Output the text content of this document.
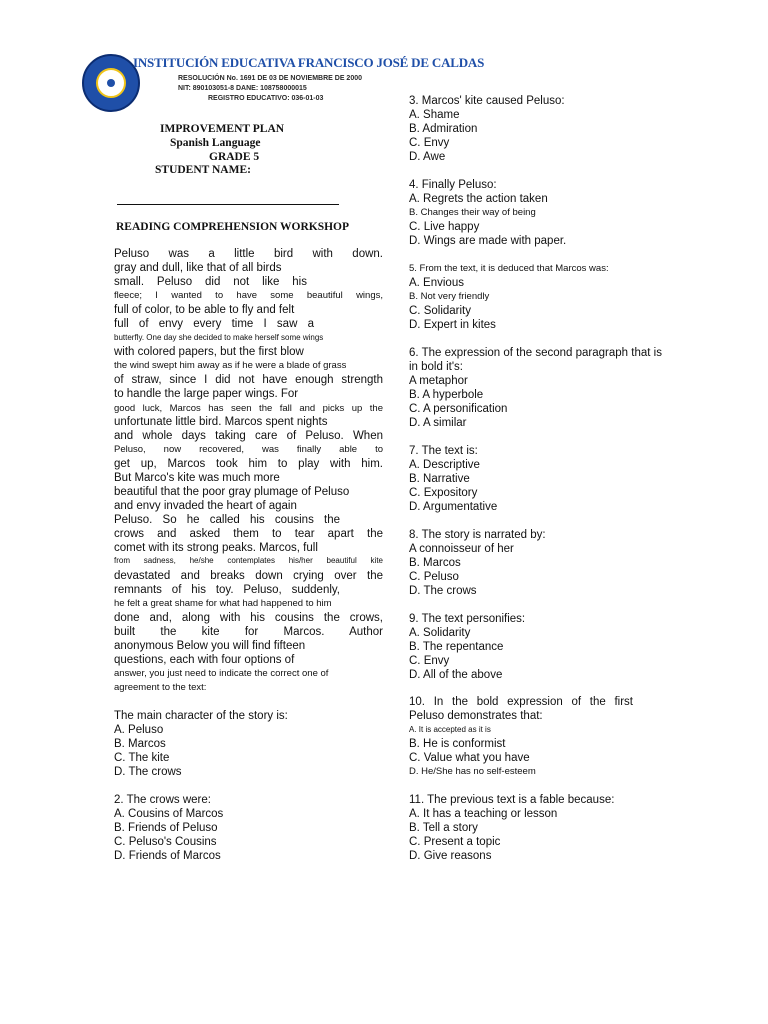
INSTITUCIÓN EDUCATIVA FRANCISCO JOSÉ DE CALDAS
RESOLUCIÓN No. 1691 DE 03 DE NOVIEMBRE DE 2000
NIT: 890103051-8 DANE: 108758000015
REGISTRO EDUCATIVO: 036-01-03
IMPROVEMENT PLAN
Spanish Language
GRADE 5
STUDENT NAME:
READING COMPREHENSION WORKSHOP
Peluso was a little bird with down.
gray and dull, like that of all birds
small. Peluso did not like his
fleece; I wanted to have some beautiful wings,
full of color, to be able to fly and felt
full of envy every time I saw a
butterfly. One day she decided to make herself some wings
with colored papers, but the first blow
the wind swept him away as if he were a blade of grass
of straw, since I did not have enough strength
to handle the large paper wings. For
good luck, Marcos has seen the fall and picks up the
unfortunate little bird. Marcos spent nights
and whole days taking care of Peluso. When
Peluso, now recovered, was finally able to
get up, Marcos took him to play with him.
But Marco's kite was much more
beautiful that the poor gray plumage of Peluso
and envy invaded the heart of again
Peluso. So he called his cousins the
crows and asked them to tear apart the
comet with its strong peaks. Marcos, full
from sadness, he/she contemplates his/her beautiful kite
devastated and breaks down crying over the
remnants of his toy. Peluso, suddenly,
he felt a great shame for what had happened to him
done and, along with his cousins the crows,
built the kite for Marcos. Author
anonymous Below you will find fifteen
questions, each with four options of
answer, you just need to indicate the correct one of
agreement to the text:
The main character of the story is:
A. Peluso
B. Marcos
C. The kite
D. The crows
2. The crows were:
A. Cousins of Marcos
B. Friends of Peluso
C. Peluso's Cousins
D. Friends of Marcos
3. Marcos' kite caused Peluso:
A. Shame
B. Admiration
C. Envy
D. Awe
4. Finally Peluso:
A. Regrets the action taken
B. Changes their way of being
C. Live happy
D. Wings are made with paper.
5. From the text, it is deduced that Marcos was:
A. Envious
B. Not very friendly
C. Solidarity
D. Expert in kites
6. The expression of the second paragraph that is
in bold it's:
A metaphor
B. A hyperbole
C. A personification
D. A similar
7. The text is:
A. Descriptive
B. Narrative
C. Expository
D. Argumentative
8. The story is narrated by:
A connoisseur of her
B. Marcos
C. Peluso
D. The crows
9. The text personifies:
A. Solidarity
B. The repentance
C. Envy
D. All of the above
10. In the bold expression of the first
Peluso demonstrates that:
A. It is accepted as it is
B. He is conformist
C. Value what you have
D. He/She has no self-esteem
11. The previous text is a fable because:
A. It has a teaching or lesson
B. Tell a story
C. Present a topic
D. Give reasons
